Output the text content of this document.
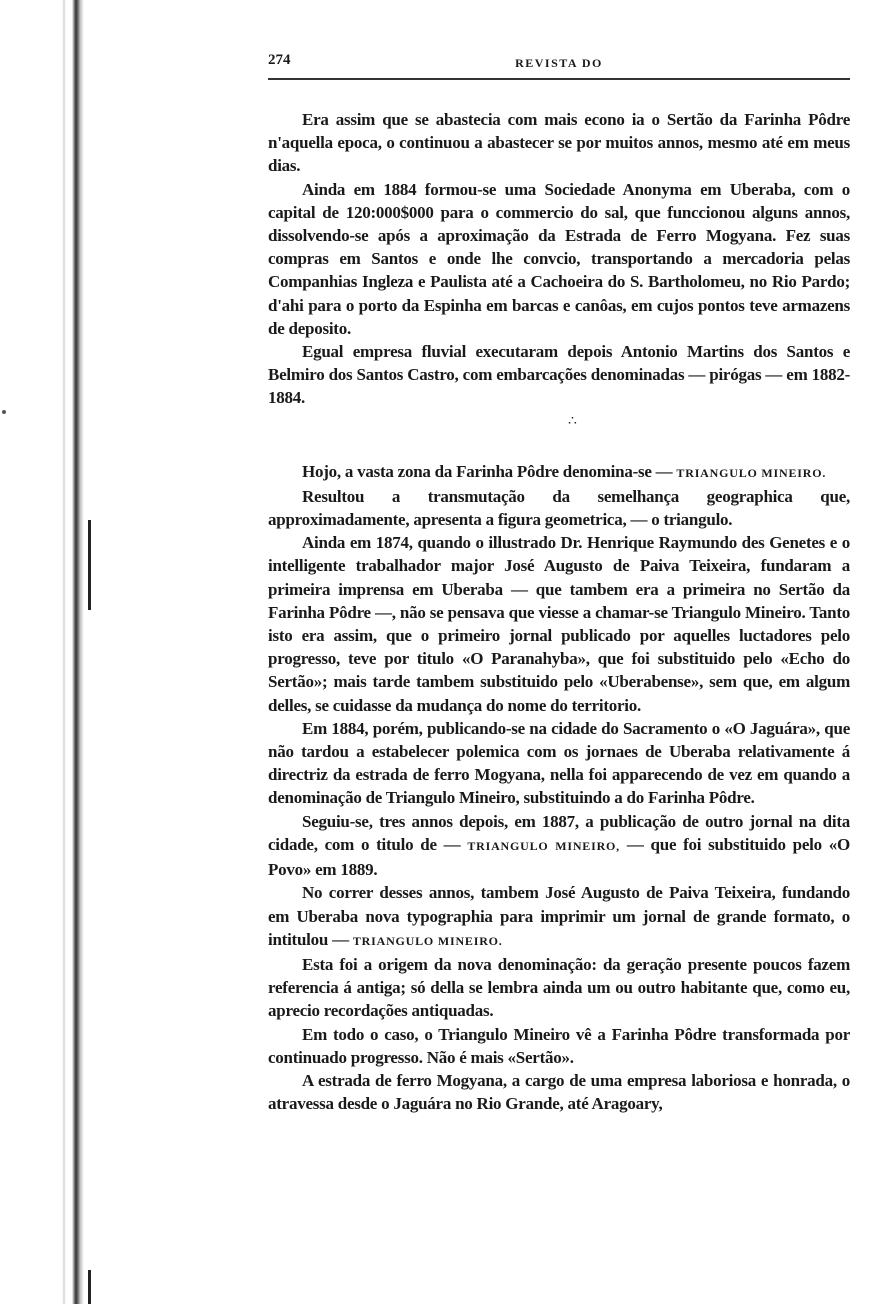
274	REVISTA DO

Era assim que se abastecia com mais econo ia o Sertão da Farinha Pôdre n'aquella epoca, o continuou a abastecer se por muitos annos, mesmo até em meus dias.

Ainda em 1884 formou-se uma Sociedade Anonyma em Uberaba, com o capital de 120:000$000 para o commercio do sal, que funccionou alguns annos, dissolvendo-se após a aproximação da Estrada de Ferro Mogyana. Fez suas compras em Santos e onde lhe convcio, transportando a mercadoria pelas Companhias Ingleza e Paulista até a Cachoeira do S. Bartholomeu, no Rio Pardo; d'ahi para o porto da Espinha em barcas e canôas, em cujos pontos teve armazens de deposito.

Egual empresa fluvial executaram depois Antonio Martins dos Santos e Belmiro dos Santos Castro, com embarcações denominadas — pirógas — em 1882-1884.

∴

Hojo, a vasta zona da Farinha Pôdre denomina-se — TRIANGULO MINEIRO.

Resultou a transmutação da semelhança geographica que, approximadamente, apresenta a figura geometrica, — o triangulo.

Ainda em 1874, quando o illustrado Dr. Henrique Raymundo des Genetes e o intelligente trabalhador major José Augusto de Paiva Teixeira, fundaram a primeira imprensa em Uberaba — que tambem era a primeira no Sertão da Farinha Pôdre —, não se pensava que viesse a chamar-se Triangulo Mineiro. Tanto isto era assim, que o primeiro jornal publicado por aquelles luctadores pelo progresso, teve por titulo «O Paranahyba», que foi substituido pelo «Echo do Sertão»; mais tarde tambem substituido pelo «Uberabense», sem que, em algum delles, se cuidasse da mudança do nome do territorio.

Em 1884, porém, publicando-se na cidade do Sacramento o «O Jaguára», que não tardou a estabelecer polemica com os jornaes de Uberaba relativamente á directriz da estrada de ferro Mogyana, nella foi apparecendo de vez em quando a denominação de Triangulo Mineiro, substituindo a do Farinha Pôdre.

Seguiu-se, tres annos depois, em 1887, a publicação de outro jornal na dita cidade, com o titulo de — TRIANGULO MINEIRO, — que foi substituido pelo «O Povo» em 1889.

No correr desses annos, tambem José Augusto de Paiva Teixeira, fundando em Uberaba nova typographia para imprimir um jornal de grande formato, o intitulou — TRIANGULO MINEIRO.

Esta foi a origem da nova denominação: da geração presente poucos fazem referencia á antiga; só della se lembra ainda um ou outro habitante que, como eu, aprecio recordações antiquadas.

Em todo o caso, o Triangulo Mineiro vê a Farinha Pôdre transformada por continuado progresso. Não é mais «Sertão».

A estrada de ferro Mogyana, a cargo de uma empresa laboriosa e honrada, o atravessa desde o Jaguára no Rio Grande, até Aragoary,
